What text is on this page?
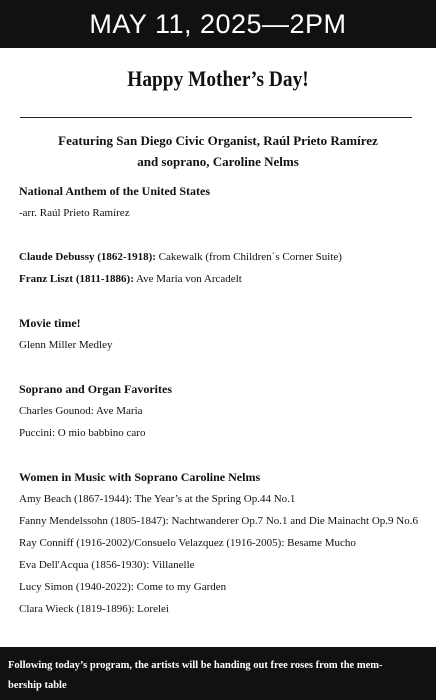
MAY 11, 2025—2PM
Happy Mother’s Day!
Featuring San Diego Civic Organist, Raúl Prieto Ramírez
and soprano, Caroline Nelms

National Anthem of the United States

-arr. Raúl Prieto Ramírez

Claude Debussy (1862-1918): Cakewalk (from Children´s Corner Suite)

Franz Liszt (1811-1886): Ave Maria von Arcadelt

Movie time!

Glenn Miller Medley

Soprano and Organ Favorites

Charles Gounod: Ave Maria

Puccini: O mio babbino caro

Women in Music with Soprano Caroline Nelms

Amy Beach (1867-1944): The Year’s at the Spring Op.44 No.1

Fanny Mendelssohn (1805-1847): Nachtwanderer Op.7 No.1 and Die Mainacht Op.9 No.6

Ray Conniff (1916-2002)/Consuelo Velazquez (1916-2005): Besame Mucho

Eva Dell'Acqua (1856-1930): Villanelle

Lucy Simon (1940-2022): Come to my Garden

Clara Wieck (1819-1896): Lorelei

Following today’s program, the artists will be handing out free roses from the mem-
bership table
